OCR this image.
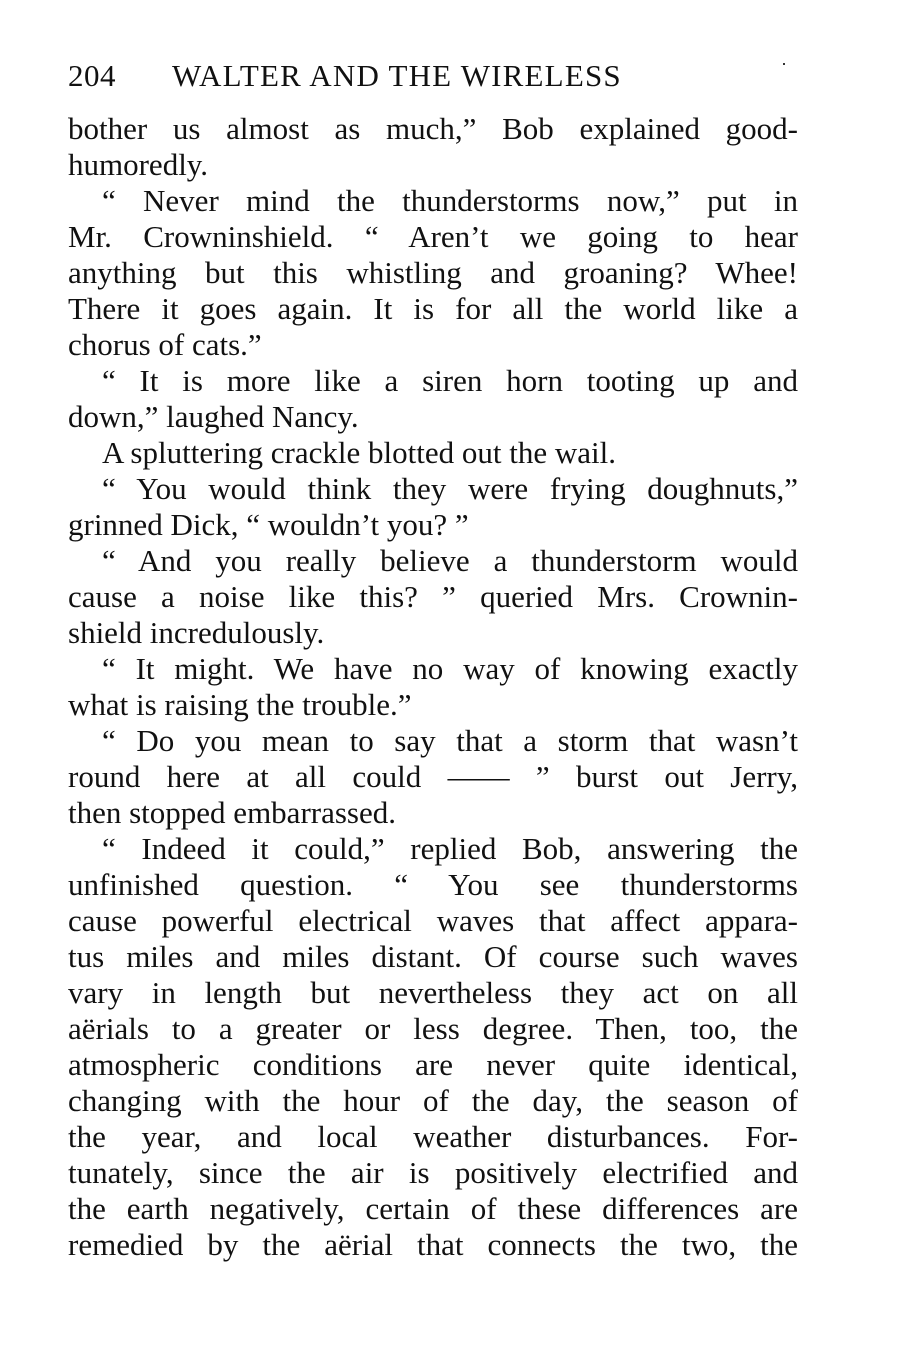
204 WALTER AND THE WIRELESS
bother us almost as much,” Bob explained good-
humoredly.
“ Never mind the thunderstorms now,” put in
Mr. Crowninshield. “ Aren’t we going to hear
anything but this whistling and groaning? Whee!
There it goes again. It is for all the world like a
chorus of cats.”
“ It is more like a siren horn tooting up and
down,” laughed Nancy.
A spluttering crackle blotted out the wail.
“ You would think they were frying doughnuts,”
grinned Dick, “ wouldn’t you? ”
“ And you really believe a thunderstorm would
cause a noise like this? ” queried Mrs. Crownin-
shield incredulously.
“ It might. We have no way of knowing exactly
what is raising the trouble.”
“ Do you mean to say that a storm that wasn’t
round here at all could —— ” burst out Jerry,
then stopped embarrassed.
“ Indeed it could,” replied Bob, answering the
unfinished question. “ You see thunderstorms
cause powerful electrical waves that affect appara-
tus miles and miles distant. Of course such waves
vary in length but nevertheless they act on all
aërials to a greater or less degree. Then, too, the
atmospheric conditions are never quite identical,
changing with the hour of the day, the season of
the year, and local weather disturbances. For-
tunately, since the air is positively electrified and
the earth negatively, certain of these differences are
remedied by the aërial that connects the two, the
